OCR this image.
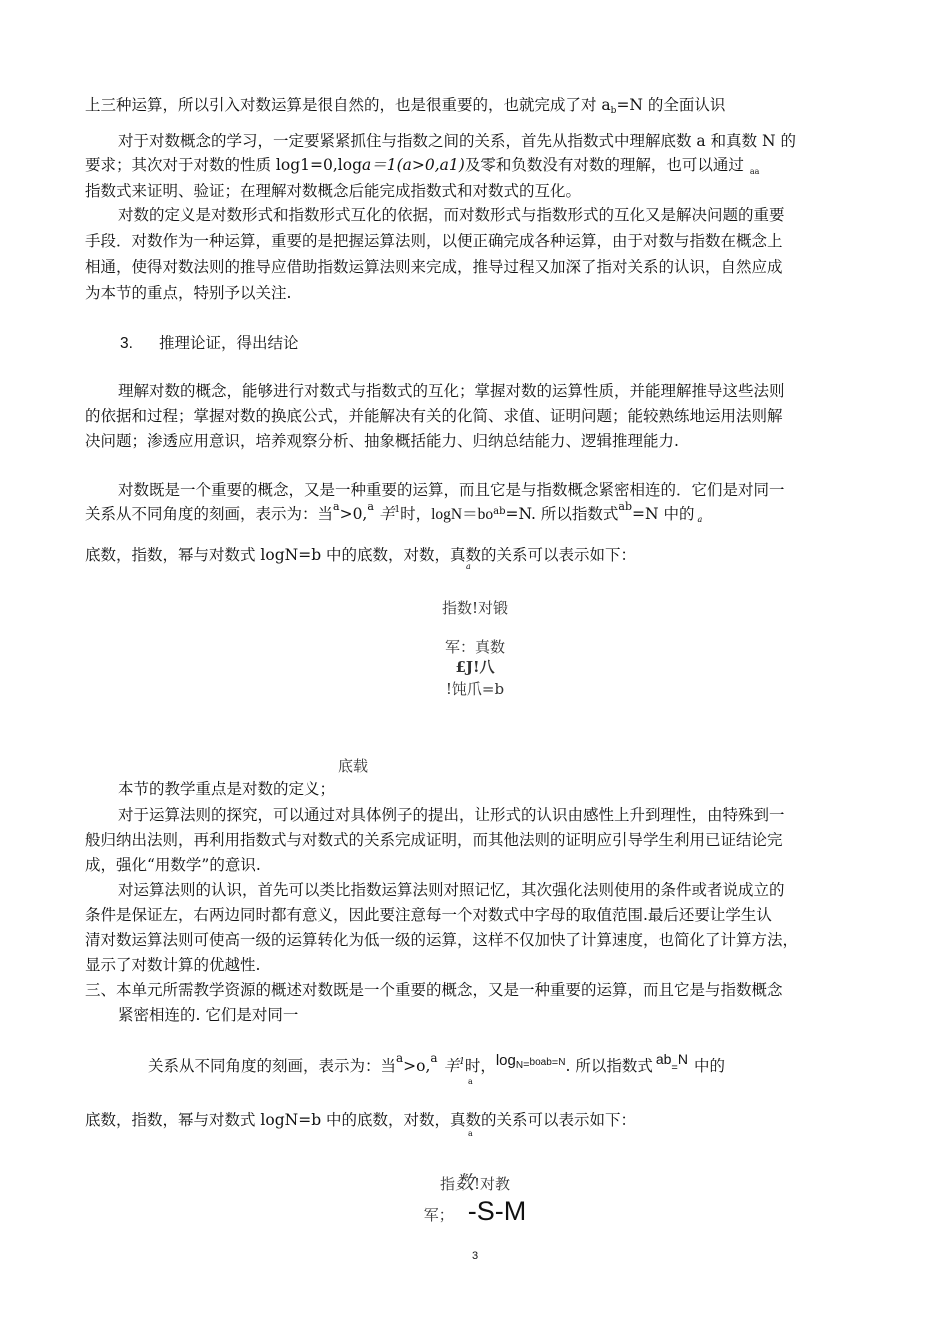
上三种运算，所以引入对数运算是很自然的，也是很重要的，也就完成了对 ab=N 的全面认识
对于对数概念的学习，一定要紧紧抓住与指数之间的关系，首先从指数式中理解底数 a 和真数 N 的
要求；其次对于对数的性质 log1=0,loga＝1(a>0,a1)及零和负数没有对数的理解，也可以通过 $_{aa}$
指数式来证明、验证；在理解对数概念后能完成指数式和对数式的互化。
对数的定义是对数形式和指数形式互化的依据，而对数形式与指数形式的互化又是解决问题的重要
手段．对数作为一种运算，重要的是把握运算法则，以便正确完成各种运算，由于对数与指数在概念上
相通，使得对数法则的推导应借助指数运算法则来完成，推导过程又加深了指对关系的认识，自然应成
为本节的重点，特别予以关注.
3. 推理论证，得出结论
理解对数的概念，能够进行对数式与指数式的互化；掌握对数的运算性质，并能理解推导这些法则
的依据和过程；掌握对数的换底公式，并能解决有关的化简、求值、证明问题；能较熟练地运用法则解
决问题；渗透应用意识，培养观察分析、抽象概括能力、归纳总结能力、逻辑推理能力.
对数既是一个重要的概念，又是一种重要的运算，而且它是与指数概念紧密相连的．它们是对同一
关系从不同角度的刻画，表示为：当$^a$>0,$^a$ 羊$^1$时，$\log N=bo^{ab}=N$. 所以指数式$^{ab}$=N 中的 a
底数，指数，幂与对数式 logN=b 中的底数，对数，真数的关系可以表示如下：
a
指数!对锻
军：真数
£J!八
!饨爪=b
底载
本节的教学重点是对数的定义；
对于运算法则的探究，可以通过对具体例子的提出，让形式的认识由感性上升到理性，由特殊到一
般归纳出法则，再利用指数式与对数式的关系完成证明，而其他法则的证明应引导学生利用已证结论完
成，强化“用数学”的意识.
对运算法则的认识，首先可以类比指数运算法则对照记忆，其次强化法则使用的条件或者说成立的
条件是保证左，右两边同时都有意义，因此要注意每一个对数式中字母的取值范围.最后还要让学生认
清对数运算法则可使高一级的运算转化为低一级的运算，这样不仅加快了计算速度，也简化了计算方法，
显示了对数计算的优越性.
三、本单元所需教学资源的概述对数既是一个重要的概念，又是一种重要的运算，而且它是与指数概念
紧密相连的. 它们是对同一
关系从不同角度的刻画，表示为：当$^a$>o,$^a$ 羊$^1$时，logN=$^{boab=N}$. 所以指数式 ab=N 中的
a
底数，指数，幂与对数式 logN=b 中的底数，对数，真数的关系可以表示如下：
a
指数!对教
军； -S-M
3
